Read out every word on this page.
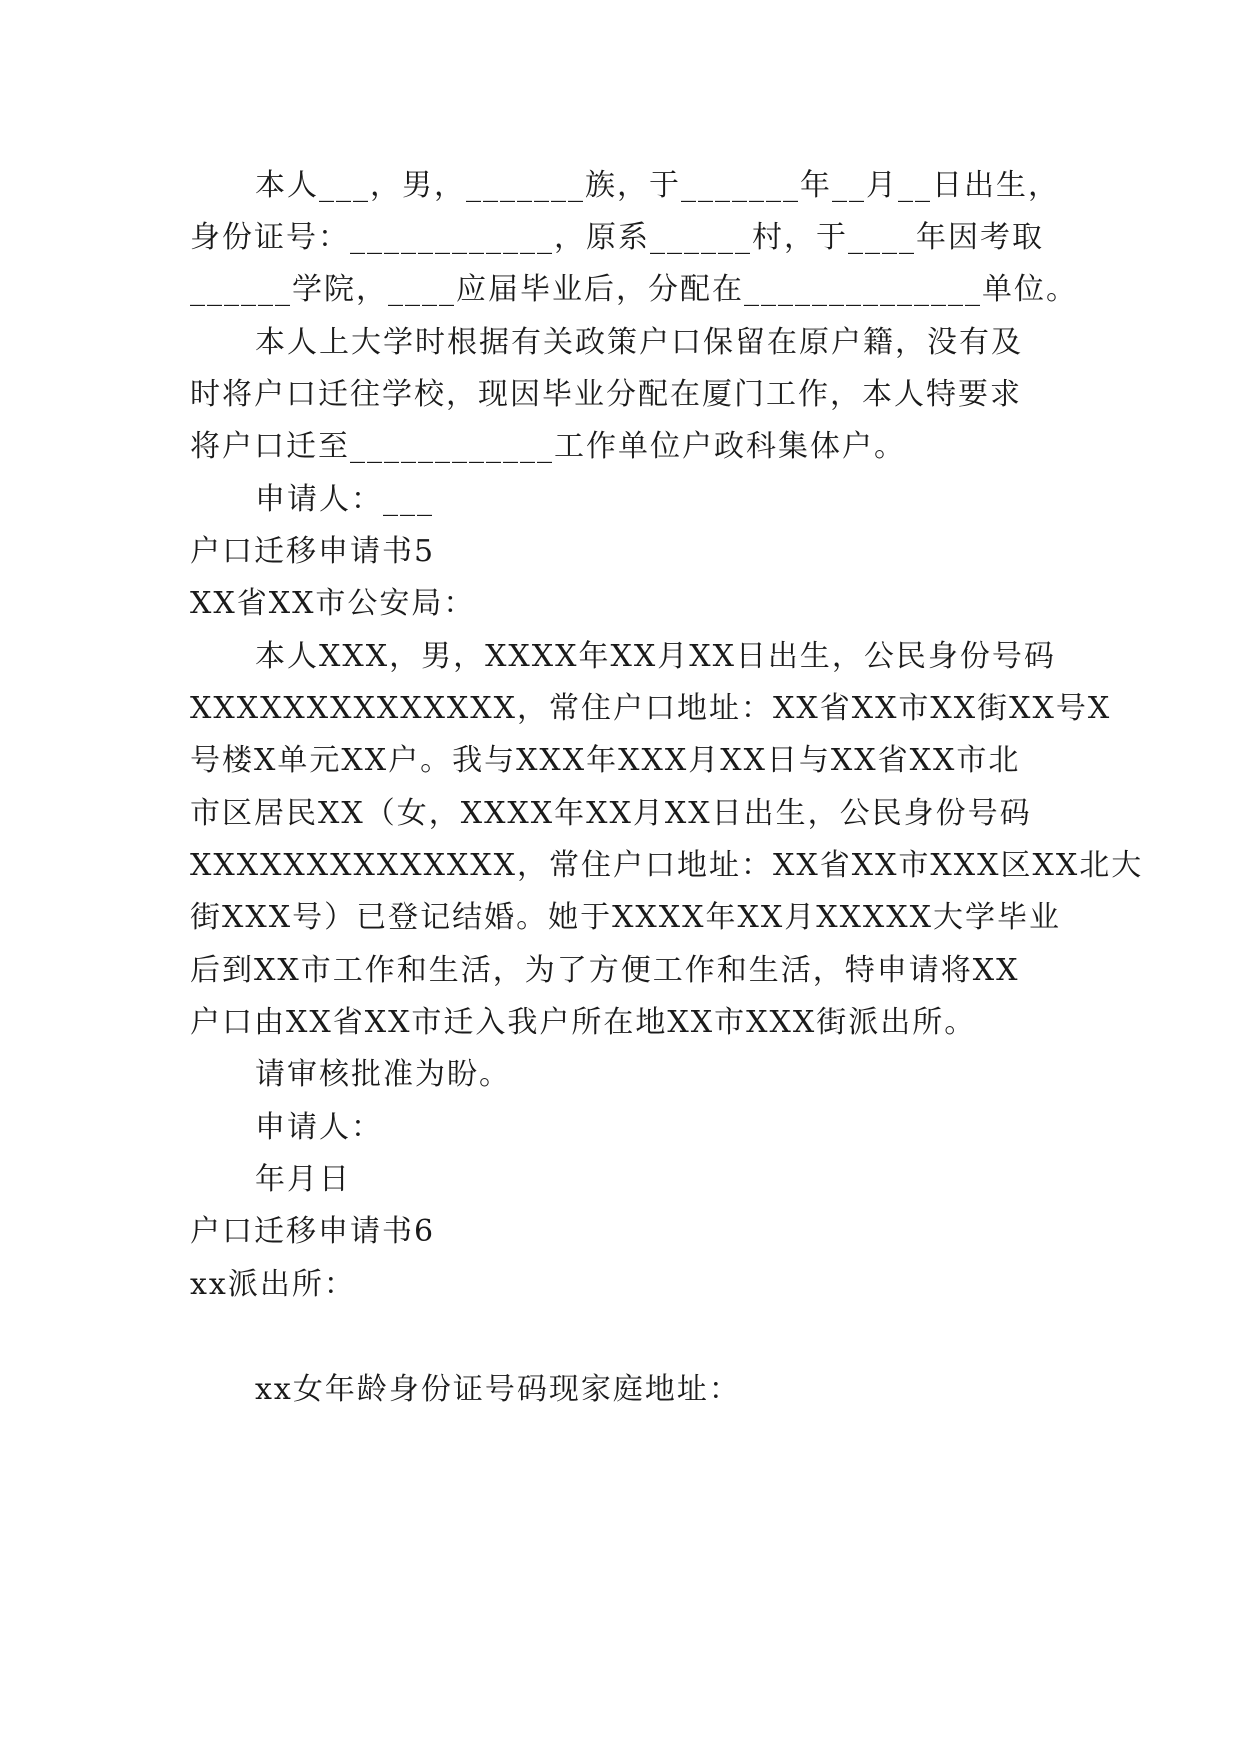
本人___，男，_______族，于_______年__月__日出生，
身份证号：____________，原系______村，于____年因考取
______学院，____应届毕业后，分配在______________单位。
本人上大学时根据有关政策户口保留在原户籍，没有及
时将户口迁往学校，现因毕业分配在厦门工作，本人特要求
将户口迁至____________工作单位户政科集体户。
申请人：___
户口迁移申请书5
XX省XX市公安局：
本人XXX，男，XXXX年XX月XX日出生，公民身份号码
XXXXXXXXXXXXXX，常住户口地址：XX省XX市XX街XX号X
号楼X单元XX户。我与XXX年XXX月XX日与XX省XX市北
市区居民XX（女，XXXX年XX月XX日出生，公民身份号码
XXXXXXXXXXXXXX，常住户口地址：XX省XX市XXX区XX北大
街XXX号）已登记结婚。她于XXXX年XX月XXXXX大学毕业
后到XX市工作和生活，为了方便工作和生活，特申请将XX
户口由XX省XX市迁入我户所在地XX市XXX街派出所。
请审核批准为盼。
申请人：
年月日
户口迁移申请书6
xx派出所：
xx女年龄身份证号码现家庭地址：
